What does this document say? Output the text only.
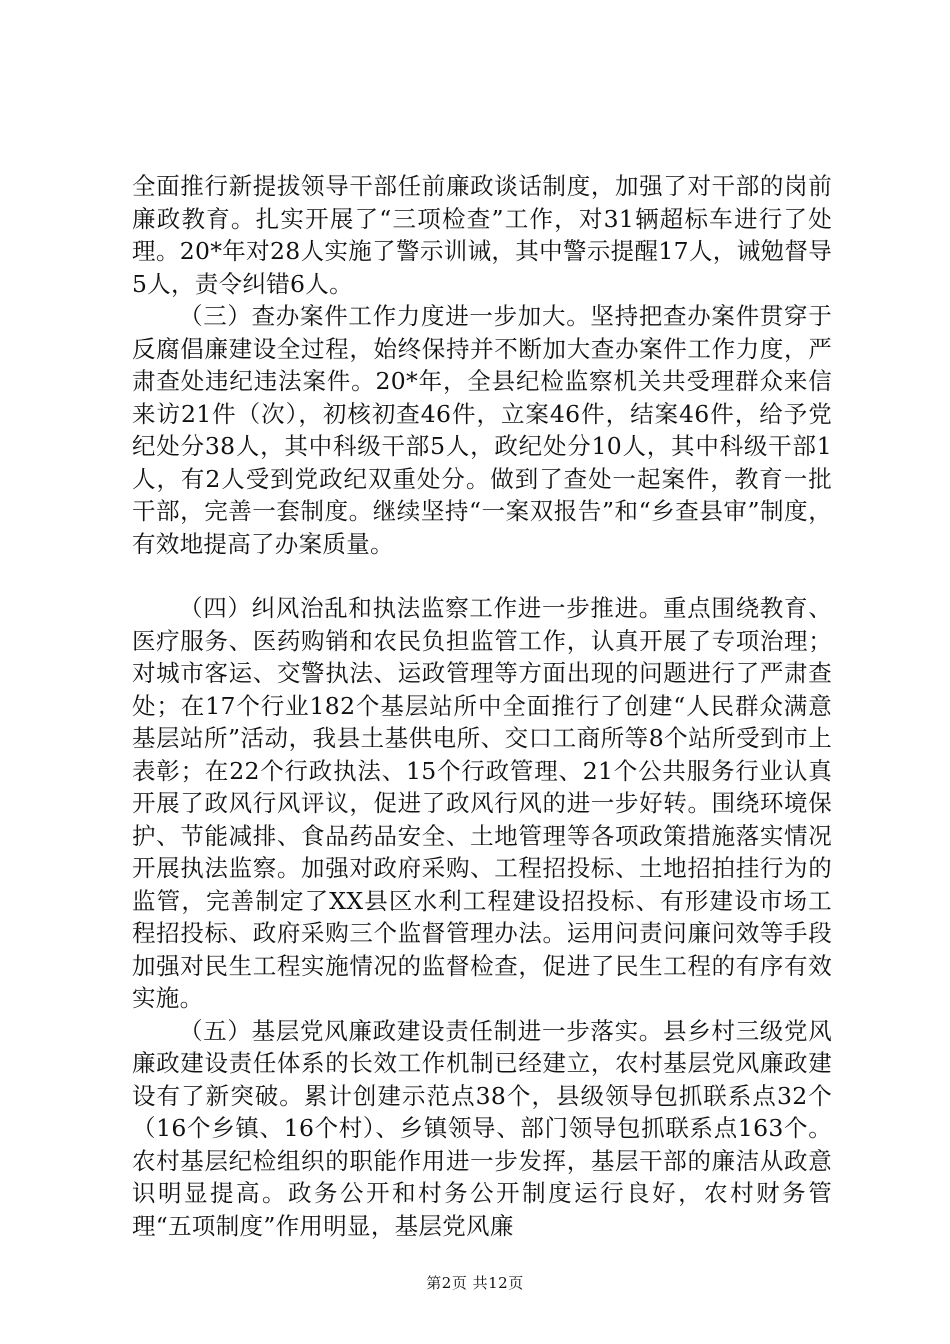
全面推行新提拔领导干部任前廉政谈话制度，加强了对干部的岗前廉政教育。扎实开展了“三项检查”工作，对31辆超标车进行了处理。20*年对28人实施了警示训诫，其中警示提醒17人，诫勉督导5人，责令纠错6人。

（三）查办案件工作力度进一步加大。坚持把查办案件贯穿于反腐倡廉建设全过程，始终保持并不断加大查办案件工作力度，严肃查处违纪违法案件。20*年，全县纪检监察机关共受理群众来信来访21件（次），初核初查46件，立案46件，结案46件，给予党纪处分38人，其中科级干部5人，政纪处分10人，其中科级干部1人，有2人受到党政纪双重处分。做到了查处一起案件，教育一批干部，完善一套制度。继续坚持“一案双报告”和“乡查县审”制度，有效地提高了办案质量。

（四）纠风治乱和执法监察工作进一步推进。重点围绕教育、医疗服务、医药购销和农民负担监管工作，认真开展了专项治理；对城市客运、交警执法、运政管理等方面出现的问题进行了严肃查处；在17个行业182个基层站所中全面推行了创建“人民群众满意基层站所”活动，我县土基供电所、交口工商所等8个站所受到市上表彰；在22个行政执法、15个行政管理、21个公共服务行业认真开展了政风行风评议，促进了政风行风的进一步好转。围绕环境保护、节能减排、食品药品安全、土地管理等各项政策措施落实情况开展执法监察。加强对政府采购、工程招投标、土地招拍挂行为的监管，完善制定了XX县区水利工程建设招投标、有形建设市场工程招投标、政府采购三个监督管理办法。运用问责问廉问效等手段加强对民生工程实施情况的监督检查，促进了民生工程的有序有效实施。

（五）基层党风廉政建设责任制进一步落实。县乡村三级党风廉政建设责任体系的长效工作机制已经建立，农村基层党风廉政建设有了新突破。累计创建示范点38个，县级领导包抓联系点32个（16个乡镇、16个村）、乡镇领导、部门领导包抓联系点163个。农村基层纪检组织的职能作用进一步发挥，基层干部的廉洁从政意识明显提高。政务公开和村务公开制度运行良好，农村财务管理“五项制度”作用明显，基层党风廉

第2页 共12页
